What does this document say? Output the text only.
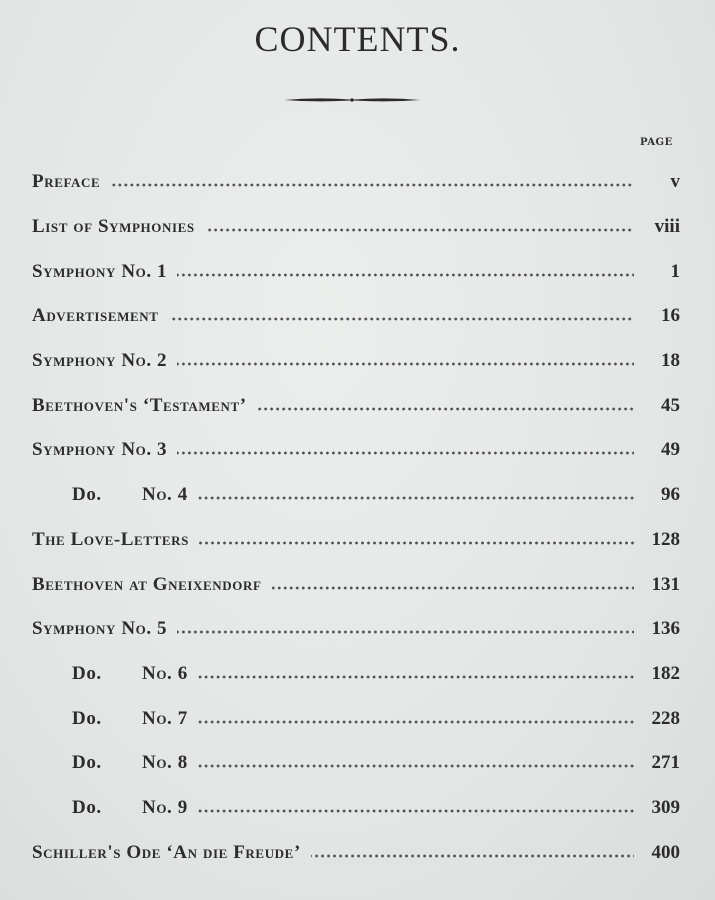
CONTENTS.
PAGE
Preface	v
List of Symphonies	viii
Symphony No. 1	1
Advertisement	16
Symphony No. 2	18
Beethoven's ‘Testament’	45
Symphony No. 3	49
Do. No. 4	96
The Love-Letters	128
Beethoven at Gneixendorf	131
Symphony No. 5	136
Do. No. 6	182
Do. No. 7	228
Do. No. 8	271
Do. No. 9	309
Schiller's Ode ‘An die Freude’	400
